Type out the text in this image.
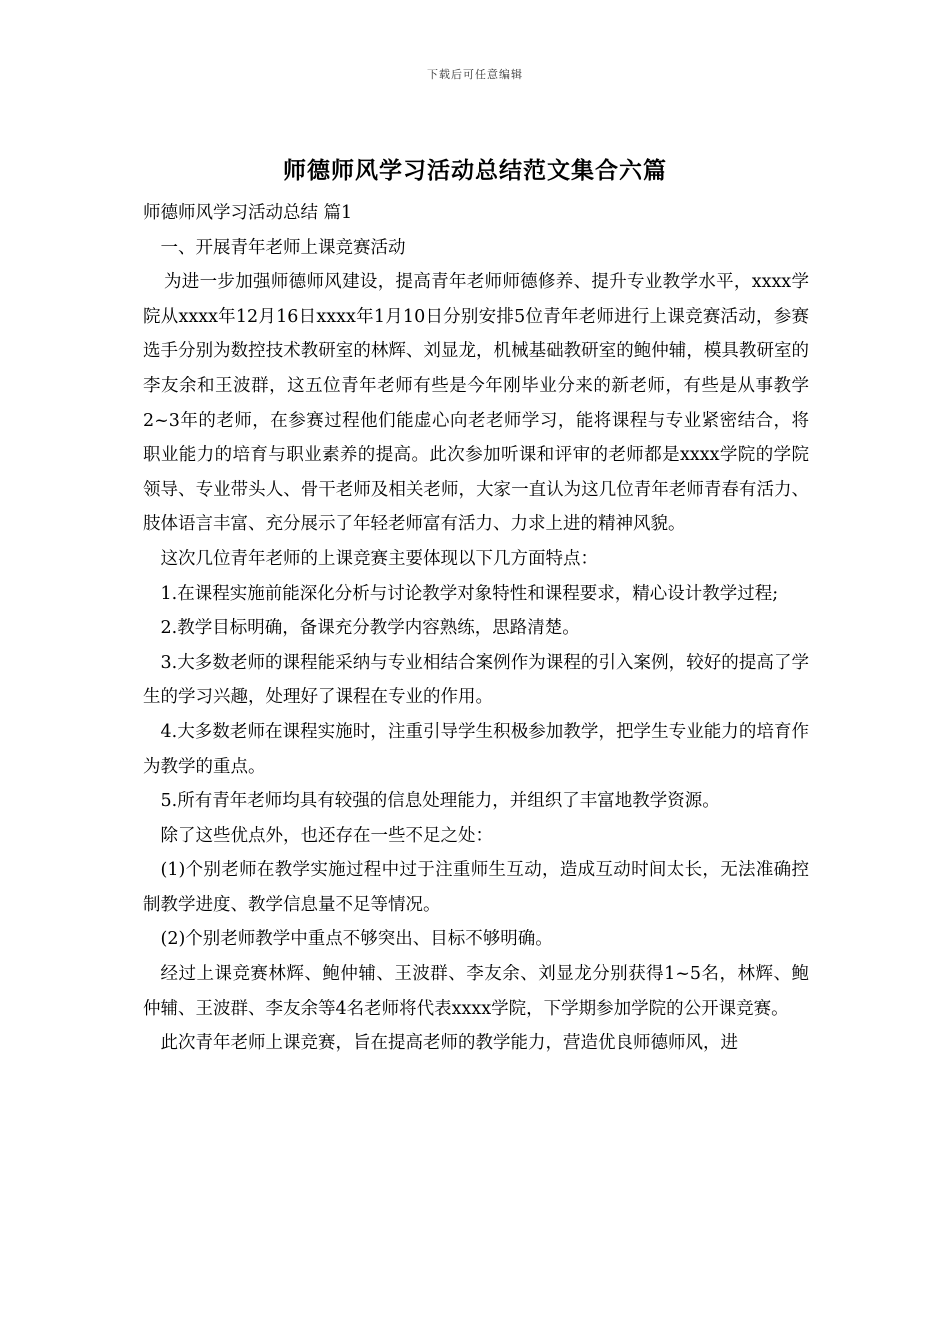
下载后可任意编辑
师德师风学习活动总结范文集合六篇

师德师风学习活动总结 篇1

一、开展青年老师上课竞赛活动

为进一步加强师德师风建设，提高青年老师师德修养、提升专业教学水平，xxxx学院从xxxx年12月16日xxxx年1月10日分别安排5位青年老师进行上课竞赛活动，参赛选手分别为数控技术教研室的林辉、刘显龙，机械基础教研室的鲍仲辅，模具教研室的李友余和王波群，这五位青年老师有些是今年刚毕业分来的新老师，有些是从事教学2~3年的老师，在参赛过程他们能虚心向老老师学习，能将课程与专业紧密结合，将职业能力的培育与职业素养的提高。此次参加听课和评审的老师都是xxxx学院的学院领导、专业带头人、骨干老师及相关老师，大家一直认为这几位青年老师青春有活力、肢体语言丰富、充分展示了年轻老师富有活力、力求上进的精神风貌。

这次几位青年老师的上课竞赛主要体现以下几方面特点：

1.在课程实施前能深化分析与讨论教学对象特性和课程要求，精心设计教学过程;

2.教学目标明确，备课充分教学内容熟练，思路清楚。

3.大多数老师的课程能采纳与专业相结合案例作为课程的引入案例，较好的提高了学生的学习兴趣，处理好了课程在专业的作用。

4.大多数老师在课程实施时，注重引导学生积极参加教学，把学生专业能力的培育作为教学的重点。

5.所有青年老师均具有较强的信息处理能力，并组织了丰富地教学资源。

除了这些优点外，也还存在一些不足之处：

(1)个别老师在教学实施过程中过于注重师生互动，造成互动时间太长，无法准确控制教学进度、教学信息量不足等情况。

(2)个别老师教学中重点不够突出、目标不够明确。

经过上课竞赛林辉、鲍仲辅、王波群、李友余、刘显龙分别获得1~5名，林辉、鲍仲辅、王波群、李友余等4名老师将代表xxxx学院，下学期参加学院的公开课竞赛。

此次青年老师上课竞赛，旨在提高老师的教学能力，营造优良师德师风，进
